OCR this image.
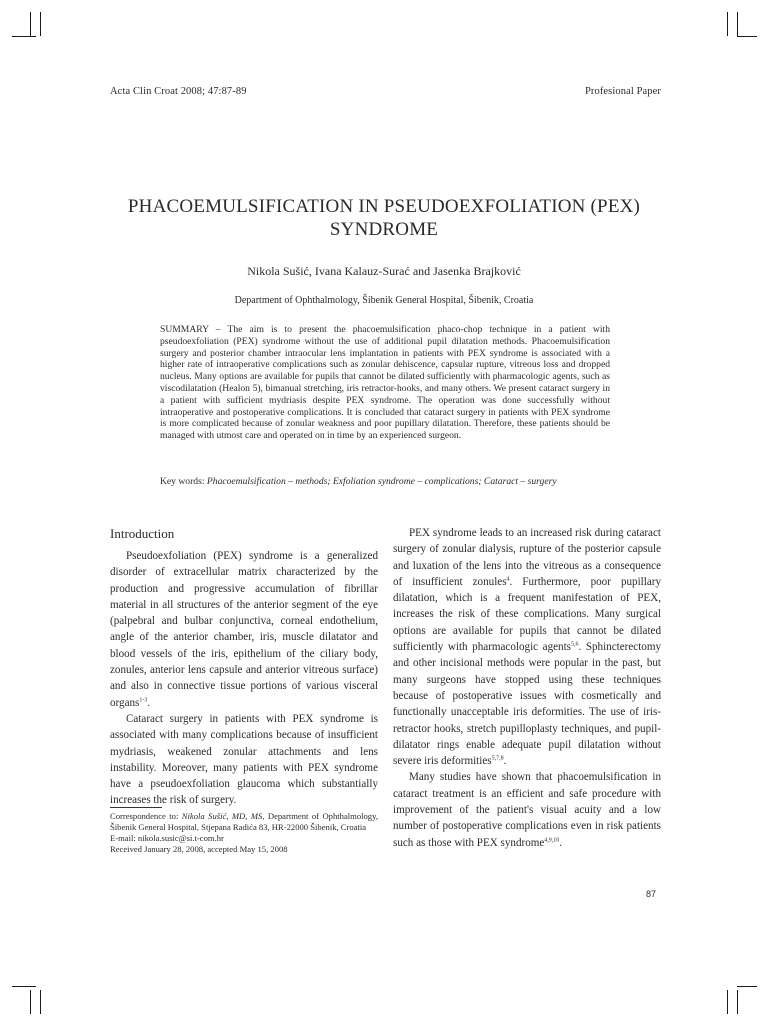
Acta Clin Croat 2008; 47:87-89	Profesional Paper
PHACOEMULSIFICATION IN PSEUDOEXFOLIATION (PEX)
SYNDROME
Nikola Sušić, Ivana Kalauz-Surać and Jasenka Brajković
Department of Ophthalmology, Šibenik General Hospital, Šibenik, Croatia

SUMMARY – The aim is to present the phacoemulsification phaco-chop technique in a patient with pseudoexfoliation (PEX) syndrome without the use of additional pupil dilatation methods. Phacoemulsification surgery and posterior chamber intraocular lens implantation in patients with PEX syndrome is associated with a higher rate of intraoperative complications such as zonular dehiscence, capsular rupture, vitreous loss and dropped nucleus. Many options are available for pupils that cannot be dilated sufficiently with pharmacologic agents, such as viscodilatation (Healon 5), bimanual stretching, iris retractor-hooks, and many others. We present cataract surgery in a patient with sufficient mydriasis despite PEX syndrome. The operation was done successfully without intraoperative and postoperative complications. It is concluded that cataract surgery in patients with PEX syndrome is more complicated because of zonular weakness and poor pupillary dilatation. Therefore, these patients should be managed with utmost care and operated on in time by an experienced surgeon.

Key words: Phacoemulsification – methods; Exfoliation syndrome – complications; Cataract – surgery

Introduction

Pseudoexfoliation (PEX) syndrome is a generalized disorder of extracellular matrix characterized by the production and progressive accumulation of fibrillar material in all structures of the anterior segment of the eye (palpebral and bulbar conjunctiva, corneal endothelium, angle of the anterior chamber, iris, muscle dilatator and blood vessels of the iris, epithelium of the ciliary body, zonules, anterior lens capsule and anterior vitreous surface) and also in connective tissue portions of various visceral organs$^{1-3}$.

Cataract surgery in patients with PEX syndrome is associated with many complications because of insufficient mydriasis, weakened zonular attachments and lens instability. Moreover, many patients with PEX syndrome have a pseudoexfoliation glaucoma which substantially increases the risk of surgery.

PEX syndrome leads to an increased risk during cataract surgery of zonular dialysis, rupture of the posterior capsule and luxation of the lens into the vitreous as a consequence of insufficient zonules$^4$. Furthermore, poor pupillary dilatation, which is a frequent manifestation of PEX, increases the risk of these complications. Many surgical options are available for pupils that cannot be dilated sufficiently with pharmacologic agents$^{5,6}$. Sphincterectomy and other incisional methods were popular in the past, but many surgeons have stopped using these techniques because of postoperative issues with cosmetically and functionally unacceptable iris deformities. The use of iris-retractor hooks, stretch pupilloplasty techniques, and pupil-dilatator rings enable adequate pupil dilatation without severe iris deformities$^{5,7,8}$.

Many studies have shown that phacoemulsification in cataract treatment is an efficient and safe procedure with improvement of the patient's visual acuity and a low number of postoperative complications even in risk patients such as those with PEX syndrome$^{4,9,10}$.

Correspondence to: Nikola Sušić, MD, MS, Department of Ophthalmology, Šibenik General Hospital, Stjepana Radića 83, HR-22000 Šibenik, Croatia
E-mail: nikola.susic@si.t-com.hr
Received January 28, 2008, accepted May 15, 2008
87
